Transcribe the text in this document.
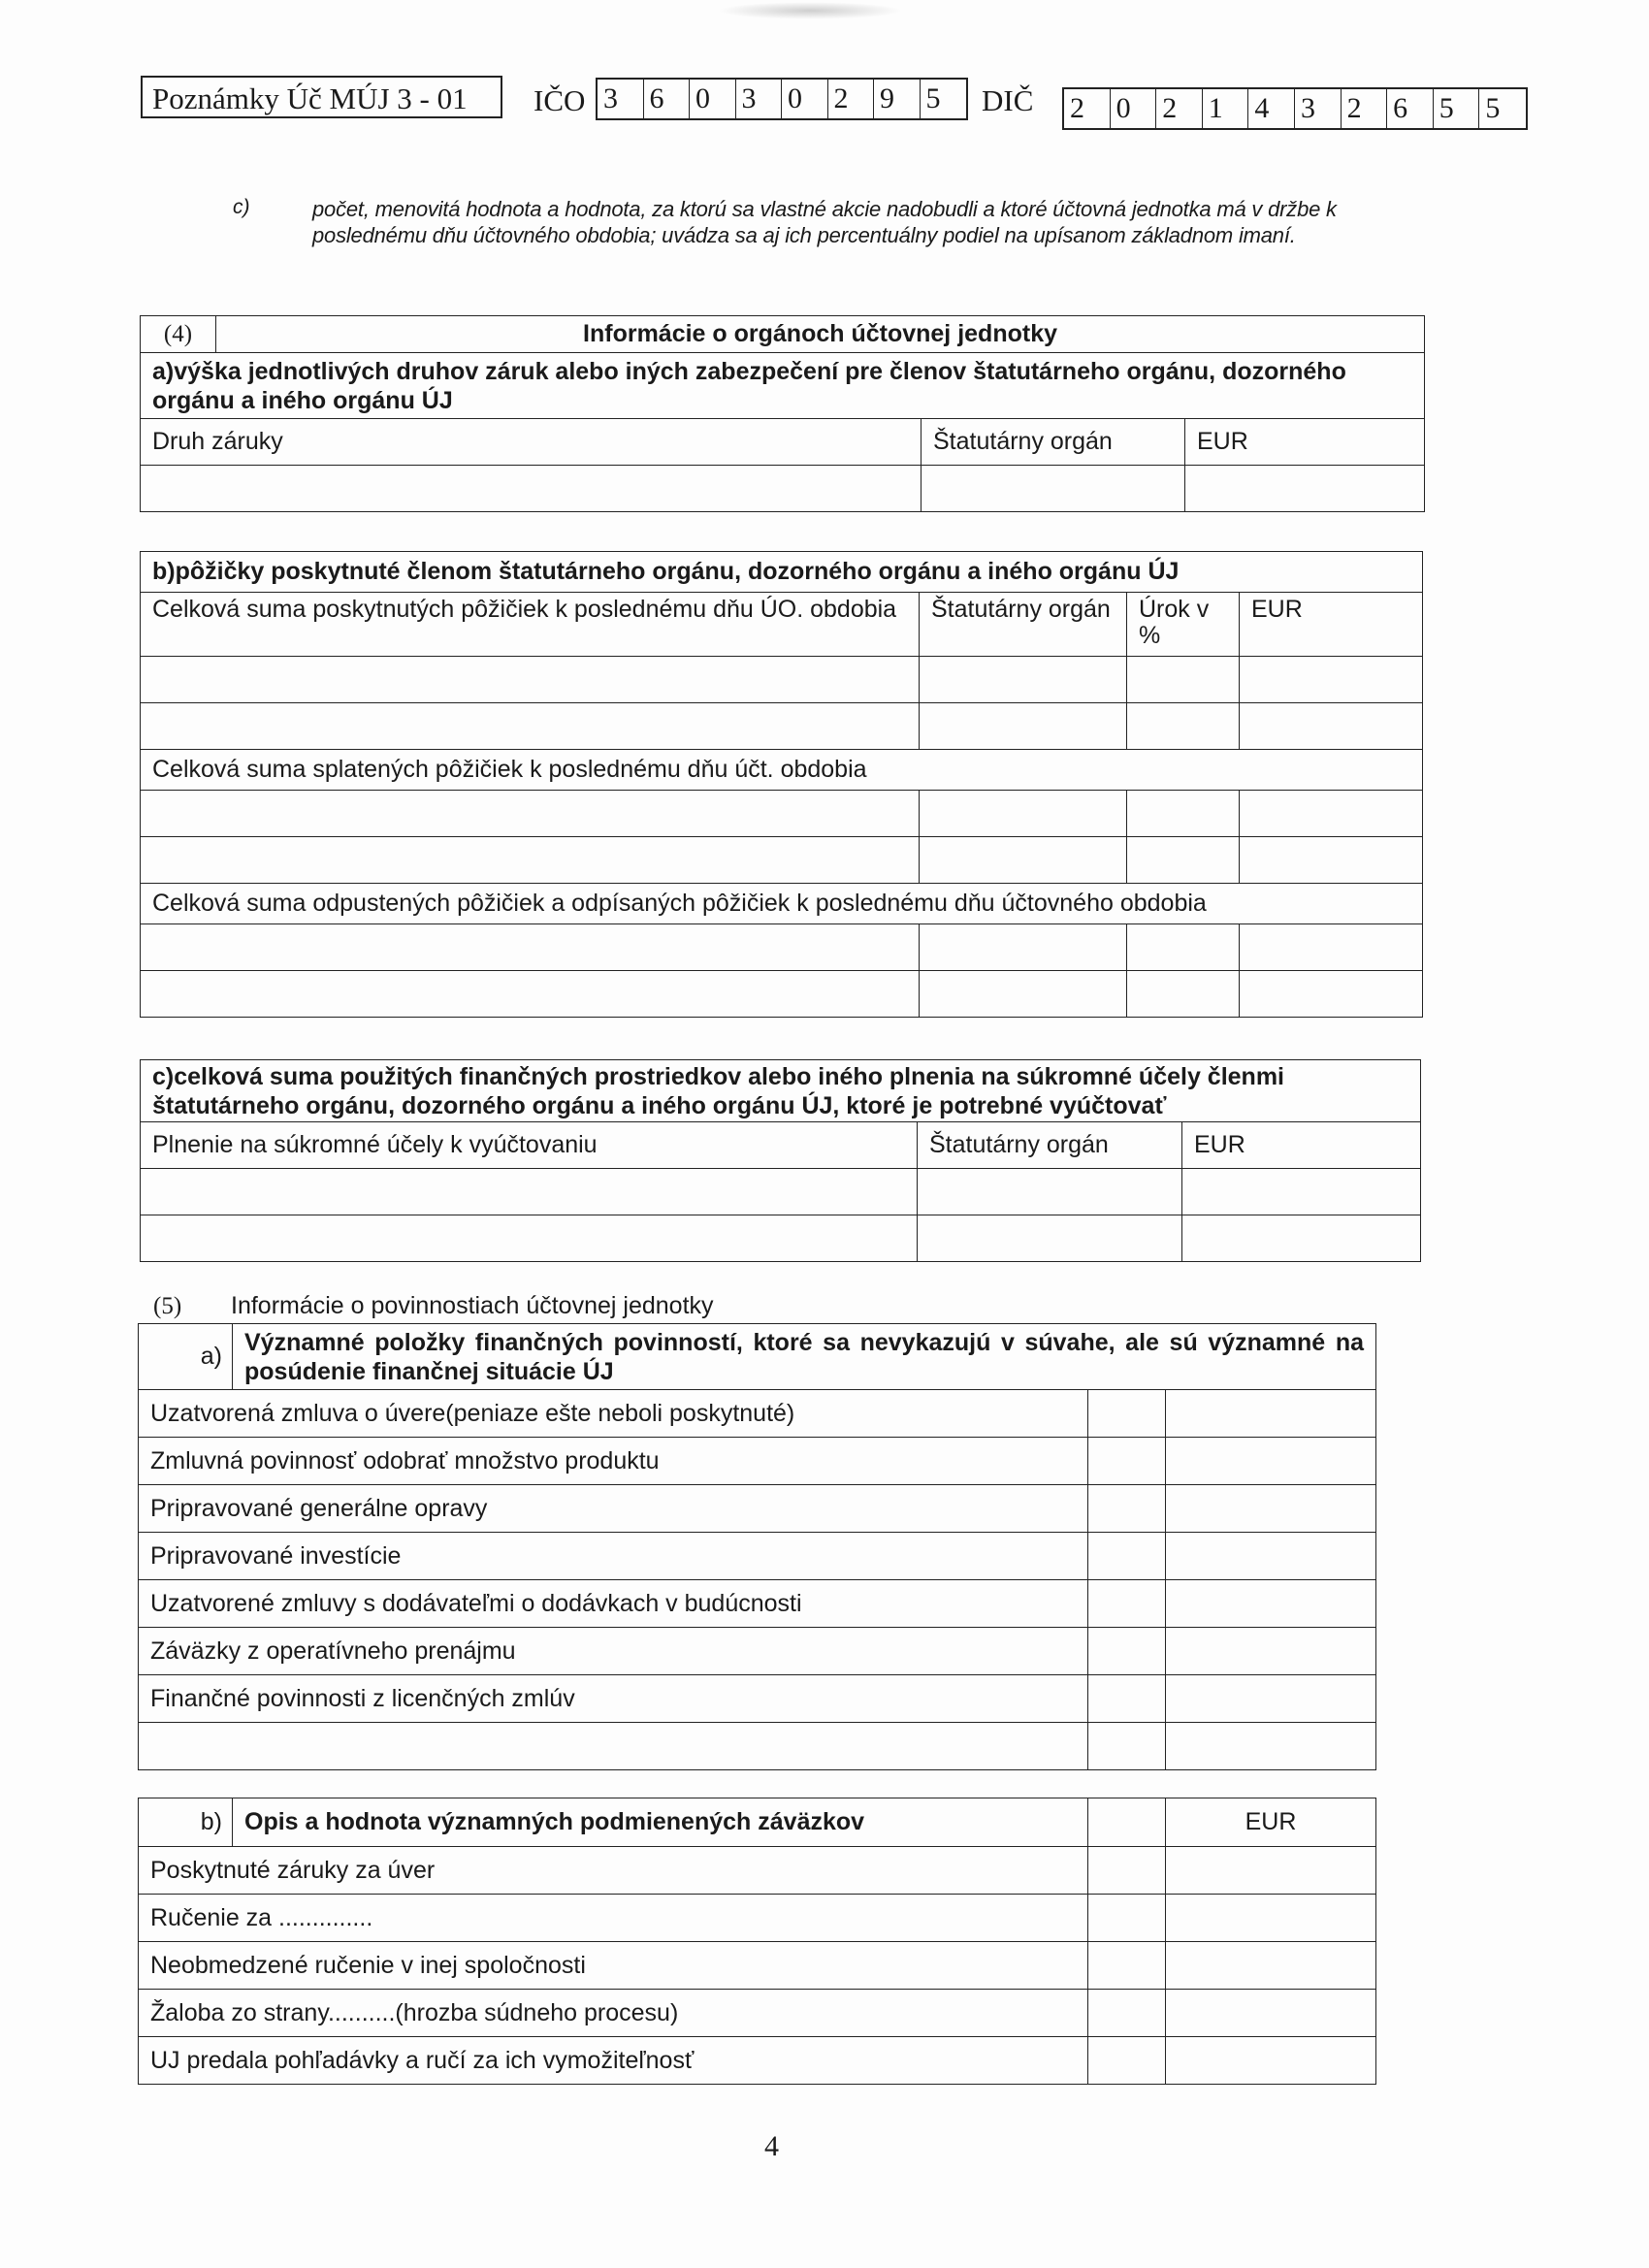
Poznámky Úč MÚJ 3 - 01	IČO 3	6	0	3	0	2	9	5	DIČ 2	0	2	1	4	3	2	6	5	5
c)	počet, menovitá hodnota a hodnota, za ktorú sa vlastné akcie nadobudli a ktoré účtovná jednotka má v držbe k poslednému dňu účtovného obdobia; uvádza sa aj ich percentuálny podiel na upísanom základnom imaní.
(4)	Informácie o orgánoch účtovnej jednotky		
a)výška jednotlivých druhov záruk alebo iných zabezpečení pre členov štatutárneho orgánu, dozorného orgánu a iného orgánu ÚJ			
Druh záruky		Štatutárny orgán	EUR

b)pôžičky poskytnuté členom štatutárneho orgánu, dozorného orgánu a iného orgánu ÚJ			
Celková suma poskytnutých pôžičiek k poslednému dňu ÚO. obdobia	Štatutárny orgán	Úrok v %	EUR

Celková suma splatených pôžičiek k poslednému dňu účt. obdobia			

Celková suma odpustených pôžičiek a odpísaných pôžičiek k poslednému dňu účtovného obdobia			

c)celková suma použitých finančných prostriedkov alebo iného plnenia na súkromné účely členmi štatutárneho orgánu, dozorného orgánu a iného orgánu ÚJ, ktoré je potrebné vyúčtovať		
Plnenie na súkromné účely k vyúčtovaniu	Štatutárny orgán	EUR

(5) Informácie o povinnostiach účtovnej jednotky
a)	Významné položky finančných povinností, ktoré sa nevykazujú v súvahe, ale sú významné na posúdenie finančnej situácie ÚJ		
Uzatvorená zmluva o úvere(peniaze ešte neboli poskytnuté)			
Zmluvná povinnosť odobrať množstvo produktu			
Pripravované generálne opravy			
Pripravované investície			
Uzatvorené zmluvy s dodávateľmi o dodávkach v budúcnosti			
Záväzky z operatívneho prenájmu			
Finančné povinnosti z licenčných zmlúv			

b)	Opis a hodnota významných podmienených záväzkov		EUR
Poskytnuté záruky za úver			
Ručenie za ..............			
Neobmedzené ručenie v inej spoločnosti			
Žaloba zo strany..........(hrozba súdneho procesu)			
UJ predala pohľadávky a ručí za ich vymožiteľnosť			
4
